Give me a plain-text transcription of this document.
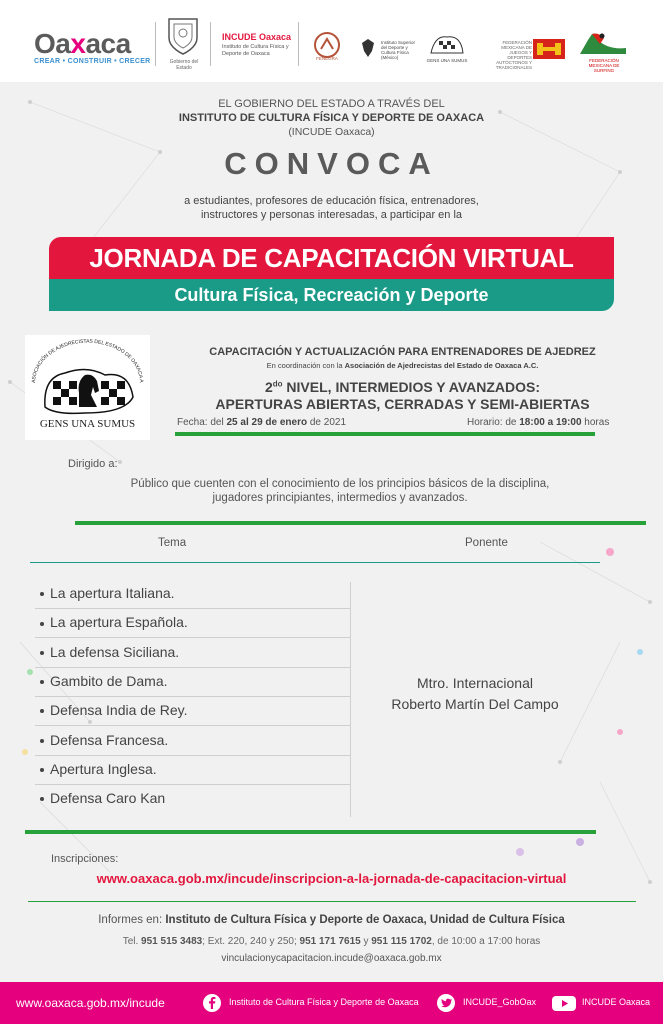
Oaxaca
CREAR • CONSTRUIR • CRECER	Gobierno del Estado
INCUDE Oaxaca
Instituto de Cultura Física y Deporte de Oaxaca
FENEGRA
Instituto Superior del Deporte y Cultura Física (México)
GENS UNA SUMUS
FEDERACIÓN MEXICANA DE JUEGOS Y DEPORTES AUTÓCTONOS Y TRADICIONALES
FEDERACIÓN MEXICANA DE SURFING
EL GOBIERNO DEL ESTADO A TRAVÉS DEL
INSTITUTO DE CULTURA FÍSICA Y DEPORTE DE OAXACA
(INCUDE Oaxaca)
CONVOCA
a estudiantes, profesores de educación física, entrenadores,
instructores y personas interesadas, a participar en la
JORNADA DE CAPACITACIÓN VIRTUAL
Cultura Física, Recreación y Deporte
ASOCIACIÓN DE AJEDRECISTAS DEL ESTADO DE OAXACA A
GENS UNA SUMUS
CAPACITACIÓN Y ACTUALIZACIÓN PARA ENTRENADORES DE AJEDREZ
En coordinación con la Asociación de Ajedrecistas del Estado de Oaxaca A.C.
$2^{do}$ NIVEL, INTERMEDIOS Y AVANZADOS:
APERTURAS ABIERTAS, CERRADAS Y SEMI-ABIERTAS
Fecha: del 25 al 29 de enero de 2021	Horario: de 18:00 a 19:00 horas
Dirigido a:
Público que cuenten con el conocimiento de los principios básicos de la disciplina,
jugadores principiantes, intermedios y avanzados.
Tema	Ponente
La apertura Italiana.
La apertura Española.
La defensa Siciliana.
Gambito de Dama.
Defensa India de Rey.
Defensa Francesa.
Apertura Inglesa.
Defensa Caro Kan
Mtro. Internacional
Roberto Martín Del Campo
Inscripciones:
www.oaxaca.gob.mx/incude/inscripcion-a-la-jornada-de-capacitacion-virtual
Informes en: Instituto de Cultura Física y Deporte de Oaxaca, Unidad de Cultura Física
Tel. 951 515 3483; Ext. 220, 240 y 250; 951 171 7615 y 951 115 1702, de 10:00 a 17:00 horas
vinculacionycapacitacion.incude@oaxaca.gob.mx
www.oaxaca.gob.mx/incude	Instituto de Cultura Física y Deporte de Oaxaca	INCUDE_GobOax	INCUDE Oaxaca
